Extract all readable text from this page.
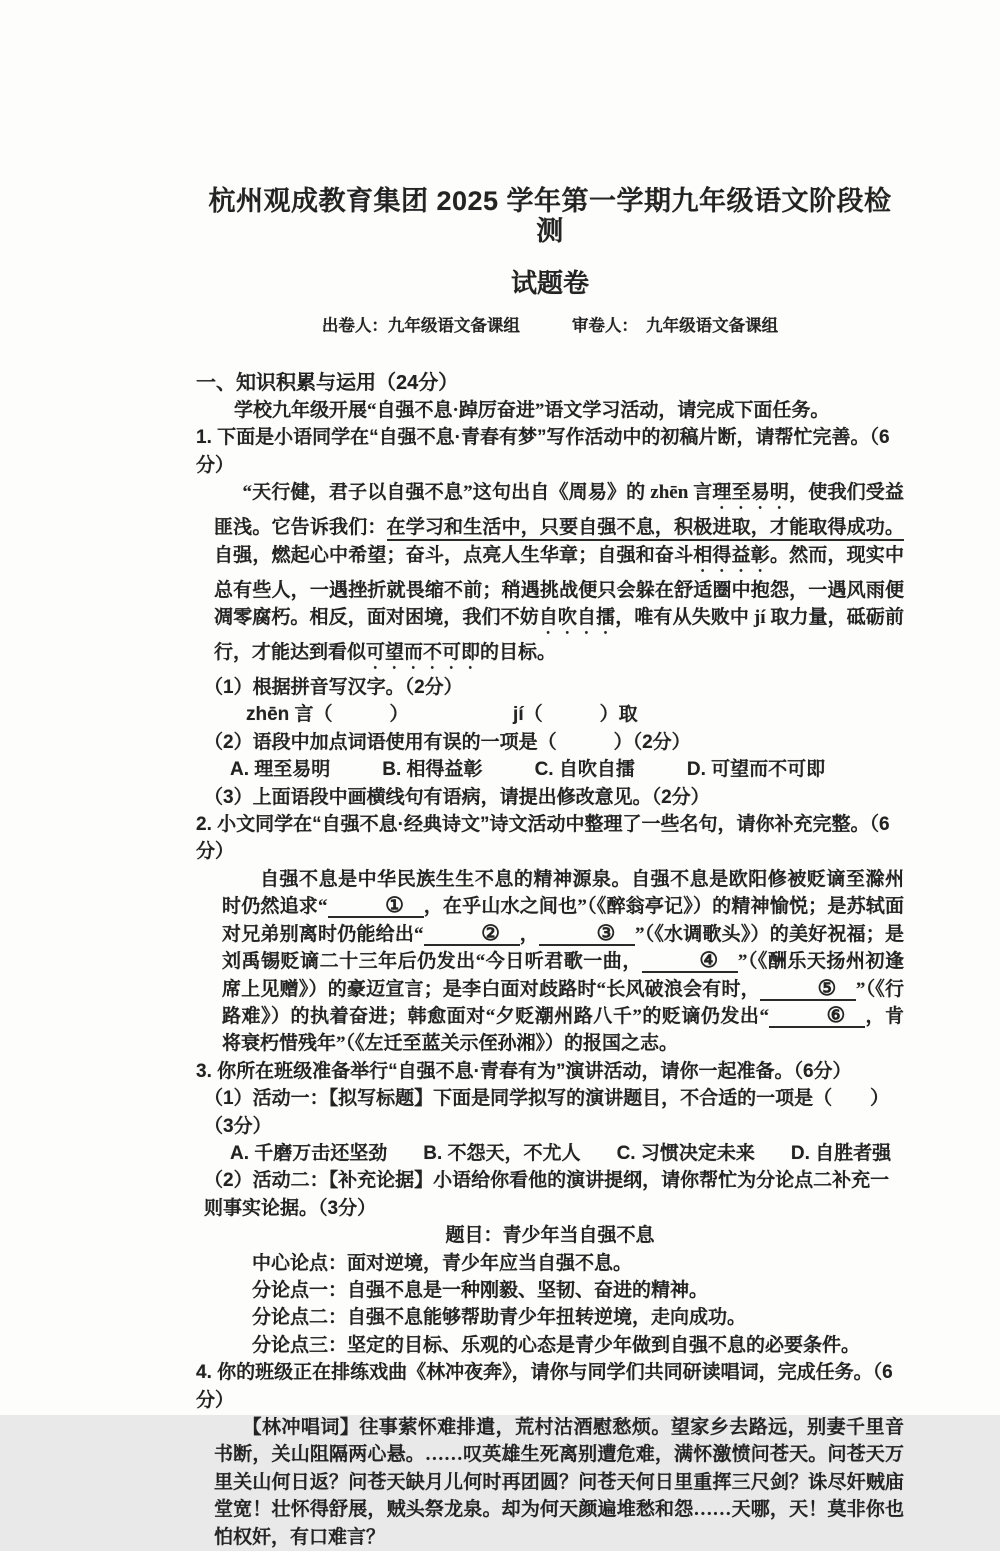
杭州观成教育集团 2025 学年第一学期九年级语文阶段检测
试题卷
出卷人：九年级语文备课组	审卷人：　九年级语文备课组
一、知识积累与运用（24分）
学校九年级开展“自强不息·踔厉奋进”语文学习活动，请完成下面任务。
1. 下面是小语同学在“自强不息·青春有梦”写作活动中的初稿片断，请帮忙完善。（6分）
“天行健，君子以自强不息”这句出自《周易》的 zhēn 言理至易明，使我们受益匪浅。它告诉我们：在学习和生活中，只要自强不息，积极进取，才能取得成功。自强，燃起心中希望；奋斗，点亮人生华章；自强和奋斗相得益彰。然而，现实中总有些人，一遇挫折就畏缩不前；稍遇挑战便只会躲在舒适圈中抱怨，一遇风雨便凋零腐朽。相反，面对困境，我们不妨自吹自擂，唯有从失败中 jí 取力量，砥砺前行，才能达到看似可望而不可即的目标。
（1）根据拼音写汉字。（2分）
zhēn 言（　　　）　　　　　　jí（　　　）取
（2）语段中加点词语使用有误的一项是（　　　）（2分）
A. 理至易明	B. 相得益彰	C. 自吹自擂	D. 可望而不可即
（3）上面语段中画横线句有语病，请提出修改意见。（2分）
2. 小文同学在“自强不息·经典诗文”诗文活动中整理了一些名句，请你补充完整。（6分）
自强不息是中华民族生生不息的精神源泉。自强不息是欧阳修被贬谪至滁州时仍然追求“	① ，在乎山水之间也”（《醉翁亭记》）的精神愉悦；是苏轼面对兄弟别离时仍能给出“	② ，	③ ”（《水调歌头》）的美好祝福；是刘禹锡贬谪二十三年后仍发出“今日听君歌一曲，	④ ”（《酬乐天扬州初逢席上见赠》）的豪迈宣言；是李白面对歧路时“长风破浪会有时，	⑤ ”（《行路难》）的执着奋进；韩愈面对“夕贬潮州路八千”的贬谪仍发出“	⑥ ，肯将衰朽惜残年”（《左迁至蓝关示侄孙湘》）的报国之志。
3. 你所在班级准备举行“自强不息·青春有为”演讲活动，请你一起准备。（6分）
（1）活动一：【拟写标题】下面是同学拟写的演讲题目，不合适的一项是（　　）（3分）
A. 千磨万击还坚劲 B. 不怨天，不尤人 C. 习惯决定未来 D. 自胜者强
（2）活动二：【补充论据】小语给你看他的演讲提纲，请你帮忙为分论点二补充一则事实论据。（3分）
题目：青少年当自强不息
中心论点：面对逆境，青少年应当自强不息。
分论点一：自强不息是一种刚毅、坚韧、奋进的精神。
分论点二：自强不息能够帮助青少年扭转逆境，走向成功。
分论点三：坚定的目标、乐观的心态是青少年做到自强不息的必要条件。
4. 你的班级正在排练戏曲《林冲夜奔》，请你与同学们共同研读唱词，完成任务。（6分）
【林冲唱词】往事萦怀难排遣，荒村沽酒慰愁烦。望家乡去路远，别妻千里音书断，关山阻隔两心悬。……叹英雄生死离别遭危难，满怀激愤问苍天。问苍天万里关山何日返？问苍天缺月儿何时再团圆？问苍天何日里重挥三尺剑？诛尽奸贼庙堂宽！壮怀得舒展，贼头祭龙泉。却为何天颜遍堆愁和怨……天哪，天！莫非你也怕权奸，有口难言？
